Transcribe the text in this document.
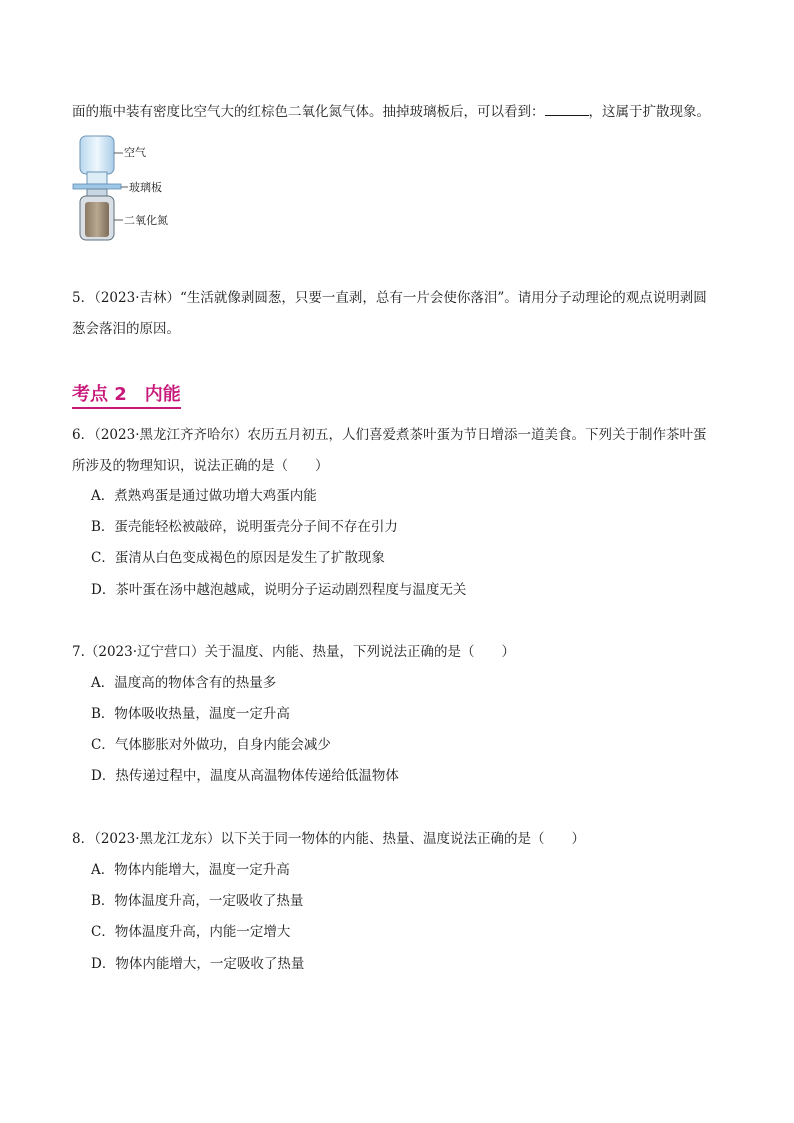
面的瓶中装有密度比空气大的红棕色二氧化氮气体。抽掉玻璃板后，可以看到：	，这属于扩散现象。
空气
玻璃板
二氧化氮
5．（2023·吉林）“生活就像剥圆葱，只要一直剥，总有一片会使你落泪”。请用分子动理论的观点说明剥圆
葱会落泪的原因。
考点 2　内能
6．（2023·黑龙江齐齐哈尔）农历五月初五，人们喜爱煮茶叶蛋为节日增添一道美食。下列关于制作茶叶蛋
所涉及的物理知识，说法正确的是（　　）
A．煮熟鸡蛋是通过做功增大鸡蛋内能
B．蛋壳能轻松被敲碎，说明蛋壳分子间不存在引力
C．蛋清从白色变成褐色的原因是发生了扩散现象
D．茶叶蛋在汤中越泡越咸，说明分子运动剧烈程度与温度无关
7.（2023·辽宁营口）关于温度、内能、热量，下列说法正确的是（　　）
A．温度高的物体含有的热量多
B．物体吸收热量，温度一定升高
C．气体膨胀对外做功，自身内能会减少
D．热传递过程中，温度从高温物体传递给低温物体
8．（2023·黑龙江龙东）以下关于同一物体的内能、热量、温度说法正确的是（　　）
A．物体内能增大，温度一定升高
B．物体温度升高，一定吸收了热量
C．物体温度升高，内能一定增大
D．物体内能增大，一定吸收了热量
